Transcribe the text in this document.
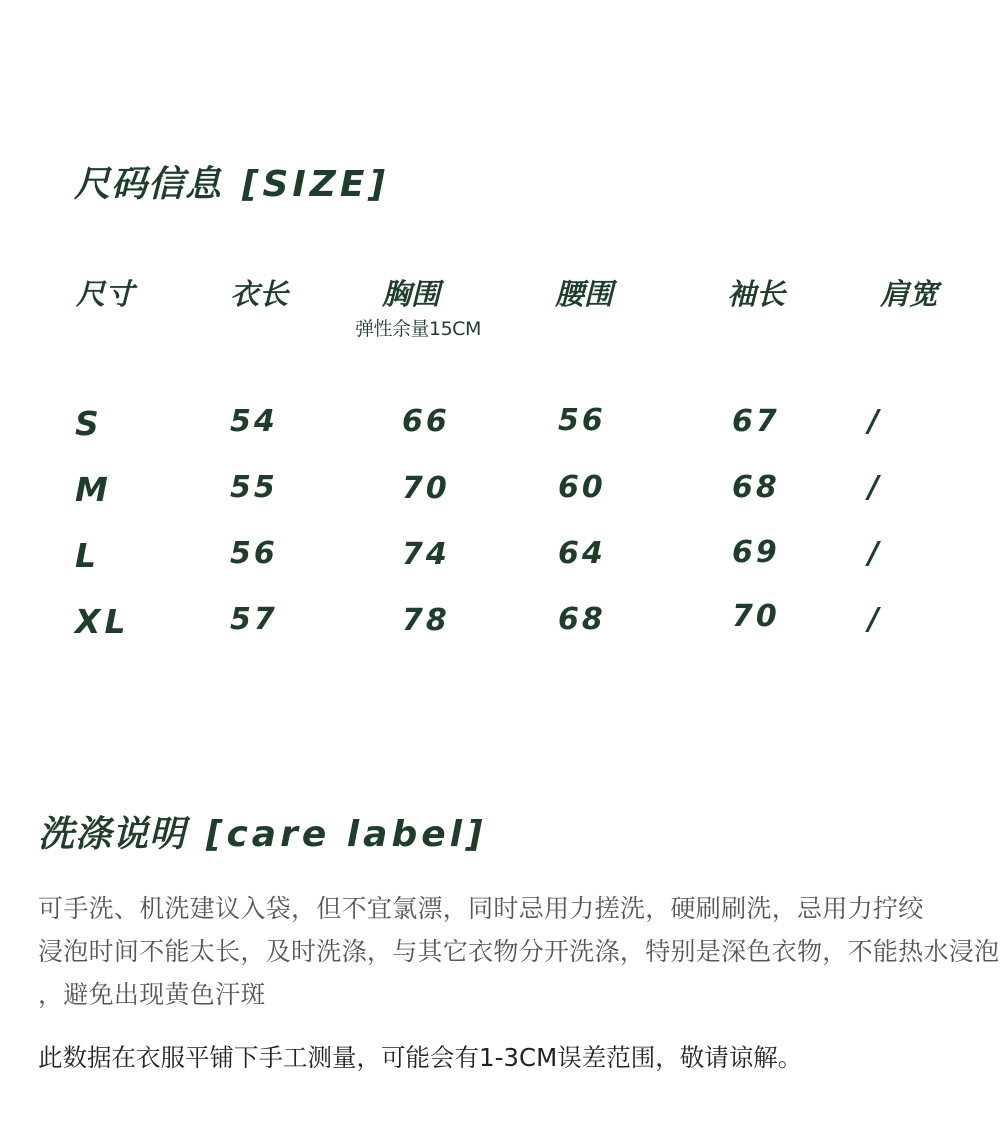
尺码信息 [SIZE]
尺寸	衣长	胸围	腰围	袖长	肩宽
弹性余量15CM
S	54	66	56	67	/
M	55	70	60	68	/
L	56	74	64	69	/
XL	57	78	68	70	/
洗涤说明 [care label]
可手洗、机洗建议入袋，但不宜氯漂，同时忌用力搓洗，硬刷刷洗，忌用力拧绞
浸泡时间不能太长，及时洗涤，与其它衣物分开洗涤，特别是深色衣物，不能热水浸泡
，避免出现黄色汗斑
此数据在衣服平铺下手工测量，可能会有1-3CM误差范围，敬请谅解。
